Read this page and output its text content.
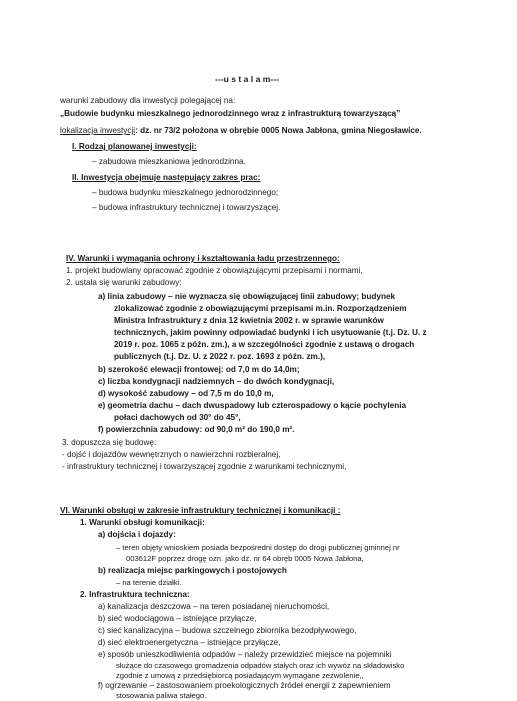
---u s t a l a m---
warunki zabudowy dla inwestycji polegającej na:
„Budowie budynku mieszkalnego jednorodzinnego wraz z infrastrukturą towarzyszącą”
lokalizacja inwestycji: dz. nr 73/2 położona w obrębie 0005 Nowa Jabłona, gmina Niegosławice.
I. Rodzaj planowanej inwestycji:
– zabudowa mieszkaniowa jednorodzinna.
II. Inwestycja obejmuje następujący zakres prac:
– budowa budynku mieszkalnego jednorodzinnego;
– budowa infrastruktury technicznej i towarzyszącej.
IV. Warunki i wymagania ochrony i kształtowania ładu przestrzennego:
1. projekt budowlany opracować zgodnie z obowiązującymi przepisami i normami,
2. ustala się warunki zabudowy:
a) linia zabudowy – nie wyznacza się obowiązującej linii zabudowy; budynek
zlokalizować zgodnie z obowiązującymi przepisami m.in. Rozporządzeniem
Ministra Infrastruktury z dnia 12 kwietnia 2002 r. w sprawie warunków
technicznych, jakim powinny odpowiadać budynki i ich usytuowanie (t.j. Dz. U. z
2019 r. poz. 1065 z późn. zm.), a w szczególności zgodnie z ustawą o drogach
publicznych (t.j. Dz. U. z 2022 r. poz. 1693 z późn. zm.),
b) szerokość elewacji frontowej: od 7,0 m do 14,0m;
c) liczba kondygnacji nadziemnych – do dwóch kondygnacji,
d) wysokość zabudowy – od 7,5 m do 10,0 m,
e) geometria dachu – dach dwuspadowy lub czterospadowy o kącie pochylenia
połaci dachowych od 30° do 45°,
f) powierzchnia zabudowy: od 90,0 m² do 190,0 m².
3. dopuszcza się budowę:
- dojść i dojazdów wewnętrznych o nawierzchni rozbieralnej,
- infrastruktury technicznej i towarzyszącej zgodnie z warunkami technicznymi,
VI. Warunki obsługi w zakresie infrastruktury technicznej i komunikacji :
1. Warunki obsługi komunikacji:
a) dojścia i dojazdy:
– teren objęty wnioskiem posiada bezpośredni dostęp do drogi publicznej gminnej nr
003612F poprzez drogę ozn. jako dz. nr 64 obręb 0005 Nowa Jabłona,
b) realizacja miejsc parkingowych i postojowych
– na terenie działki.
2. Infrastruktura techniczna:
a) kanalizacja deszczowa – na teren posiadanej nieruchomości,
b) sieć wodociągowa – istniejące przyłącze,
c) sieć kanalizacyjna – budowa szczelnego zbiornika bezodpływowego,
d) sieć elektroenergetyczna – istniejące przyłącze,
e) sposób unieszkodliwienia odpadów – należy przewidzieć miejsce na pojemniki
służące do czasowego gromadzenia odpadów stałych oraz ich wywóz na składowisko
zgodnie z umową z przedsiębiorcą posiadającym wymagane zezwolenie,,
f) ogrzewanie – zastosowaniem proekologicznych źródeł energii z zapewnieniem
stosowania paliwa stałego.
